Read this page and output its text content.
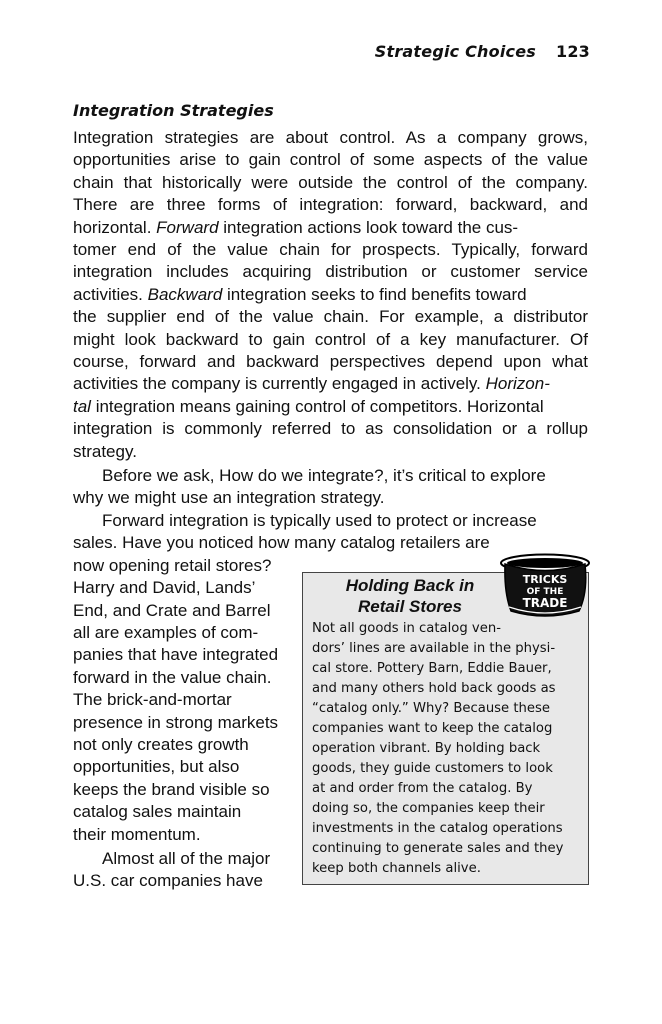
Strategic Choices 123
Integration Strategies

Integration strategies are about control. As a company grows,
opportunities arise to gain control of some aspects of the value
chain that historically were outside the control of the company.
There are three forms of integration: forward, backward, and
horizontal. Forward integration actions look toward the cus-
tomer end of the value chain for prospects. Typically, forward
integration includes acquiring distribution or customer service
activities. Backward integration seeks to find benefits toward
the supplier end of the value chain. For example, a distributor
might look backward to gain control of a key manufacturer. Of
course, forward and backward perspectives depend upon what
activities the company is currently engaged in actively. Horizon-
tal integration means gaining control of competitors. Horizontal
integration is commonly referred to as consolidation or a rollup
strategy.

Before we ask, How do we integrate?, it’s critical to explore
why we might use an integration strategy.

Forward integration is typically used to protect or increase
sales. Have you noticed how many catalog retailers are
now opening retail stores?
Harry and David, Lands’
End, and Crate and Barrel
all are examples of com-
panies that have integrated
forward in the value chain.
The brick-and-mortar
presence in strong markets
not only creates growth
opportunities, but also
keeps the brand visible so
catalog sales maintain
their momentum.

Almost all of the major
U.S. car companies have

Holding Back in
Retail Stores
Not all goods in catalog ven-
dors’ lines are available in the physi-
cal store. Pottery Barn, Eddie Bauer,
and many others hold back goods as
“catalog only.” Why? Because these
companies want to keep the catalog
operation vibrant. By holding back
goods, they guide customers to look
at and order from the catalog. By
doing so, the companies keep their
investments in the catalog operations
continuing to generate sales and they
keep both channels alive.
TRICKS
OF THE
TRADE
